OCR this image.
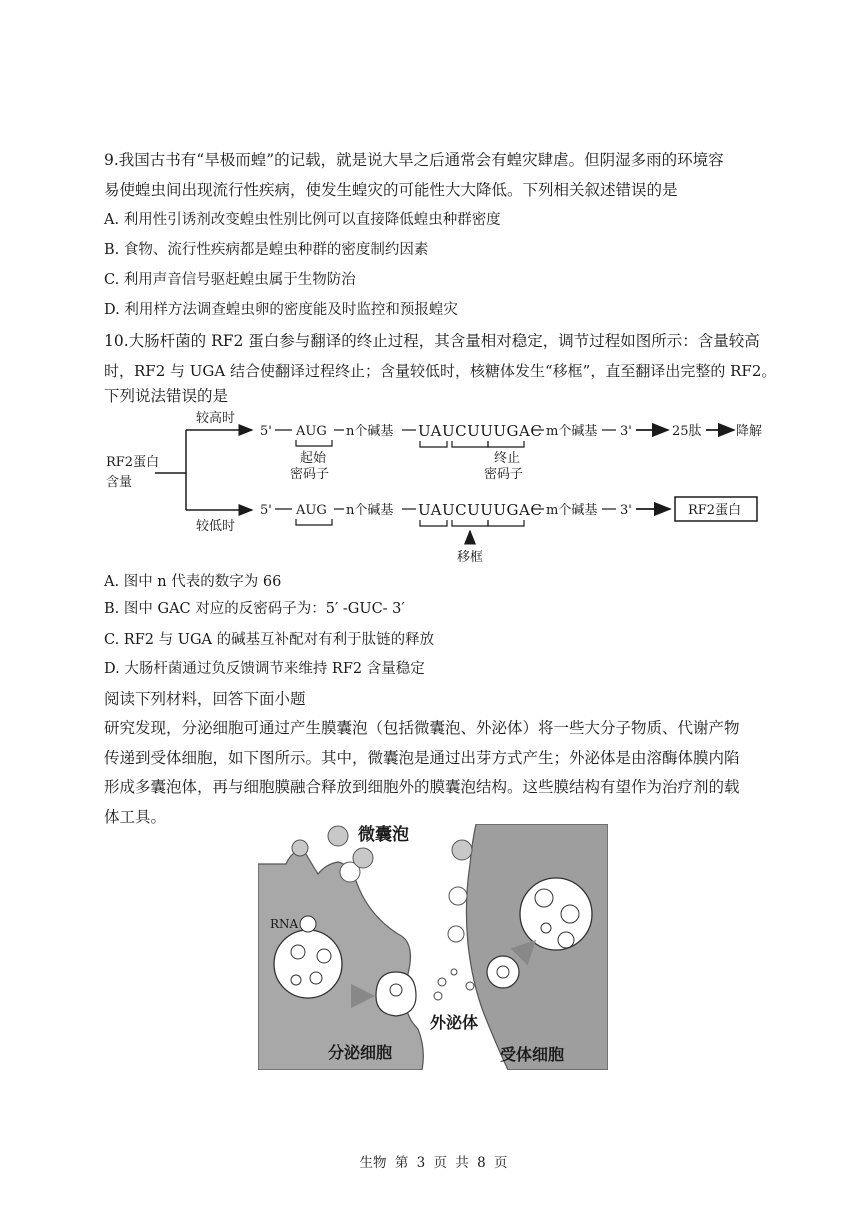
9.我国古书有“旱极而蝗”的记载，就是说大旱之后通常会有蝗灾肆虐。但阴湿多雨的环境容
易使蝗虫间出现流行性疾病，使发生蝗灾的可能性大大降低。下列相关叙述错误的是
A. 利用性引诱剂改变蝗虫性别比例可以直接降低蝗虫种群密度
B. 食物、流行性疾病都是蝗虫种群的密度制约因素
C. 利用声音信号驱赶蝗虫属于生物防治
D. 利用样方法调查蝗虫卵的密度能及时监控和预报蝗灾
10.大肠杆菌的 RF2 蛋白参与翻译的终止过程，其含量相对稳定，调节过程如图所示：含量较高
时，RF2 与 UGA 结合使翻译过程终止；含量较低时，核糖体发生“移框”，直至翻译出完整的 RF2。
下列说法错误的是
RF2蛋白
含量
较高时
较低时
5' AUG n个碱基 UAUCUUUGAC m个碱基 3'	25肽	降解
起始
密码子
终止
密码子
5' AUG n个碱基 UAUCUUUGAC m个碱基 3'	RF2蛋白
移框
A. 图中 n 代表的数字为 66
B. 图中 GAC 对应的反密码子为：5′ -GUC- 3′
C. RF2 与 UGA 的碱基互补配对有利于肽链的释放
D. 大肠杆菌通过负反馈调节来维持 RF2 含量稳定
阅读下列材料，回答下面小题
研究发现，分泌细胞可通过产生膜囊泡（包括微囊泡、外泌体）将一些大分子物质、代谢产物
传递到受体细胞，如下图所示。其中，微囊泡是通过出芽方式产生；外泌体是由溶酶体膜内陷
形成多囊泡体，再与细胞膜融合释放到细胞外的膜囊泡结构。这些膜结构有望作为治疗剂的载
体工具。
微囊泡
RNA
外泌体
分泌细胞	受体细胞
生物 第 3 页 共 8 页
